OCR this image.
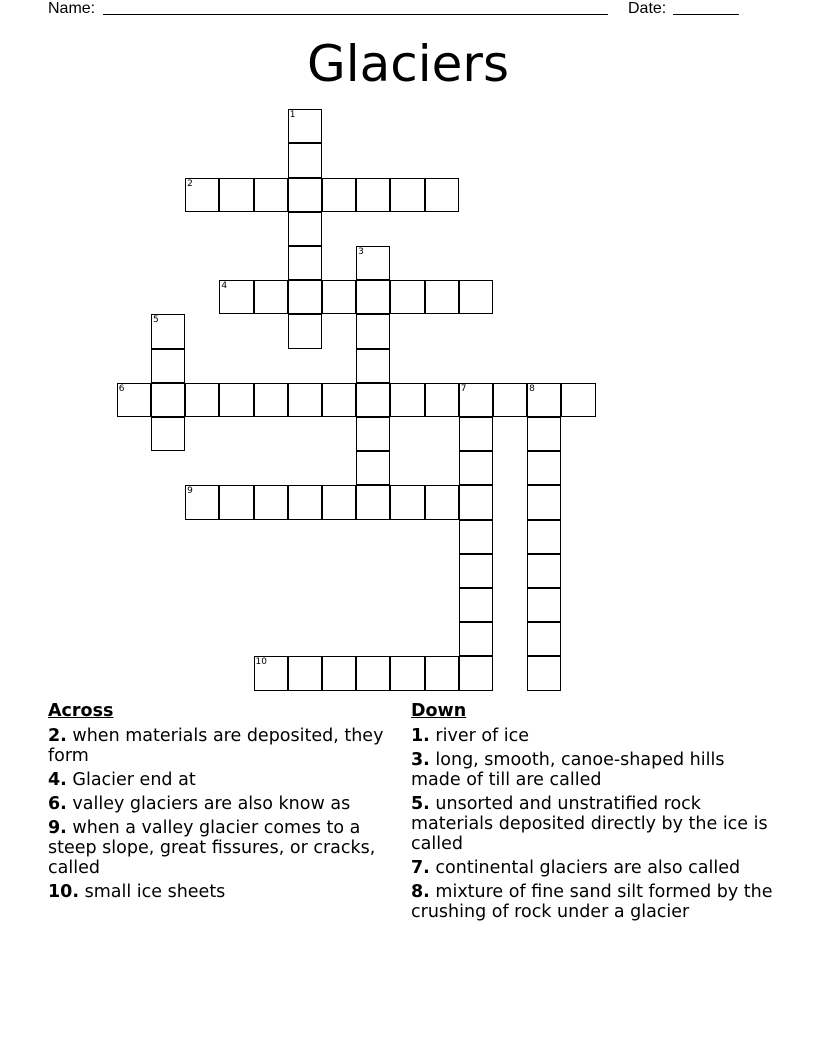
Name:	Date:
Glaciers
1
2
3
4
5
6	7	8
9
10
Across
2. when materials are deposited, they form
4. Glacier end at
6. valley glaciers are also know as
9. when a valley glacier comes to a steep slope, great fissures, or cracks, called
10. small ice sheets
Down
1. river of ice
3. long, smooth, canoe-shaped hills made of till are called
5. unsorted and unstratified rock materials deposited directly by the ice is called
7. continental glaciers are also called
8. mixture of fine sand silt formed by the crushing of rock under a glacier
